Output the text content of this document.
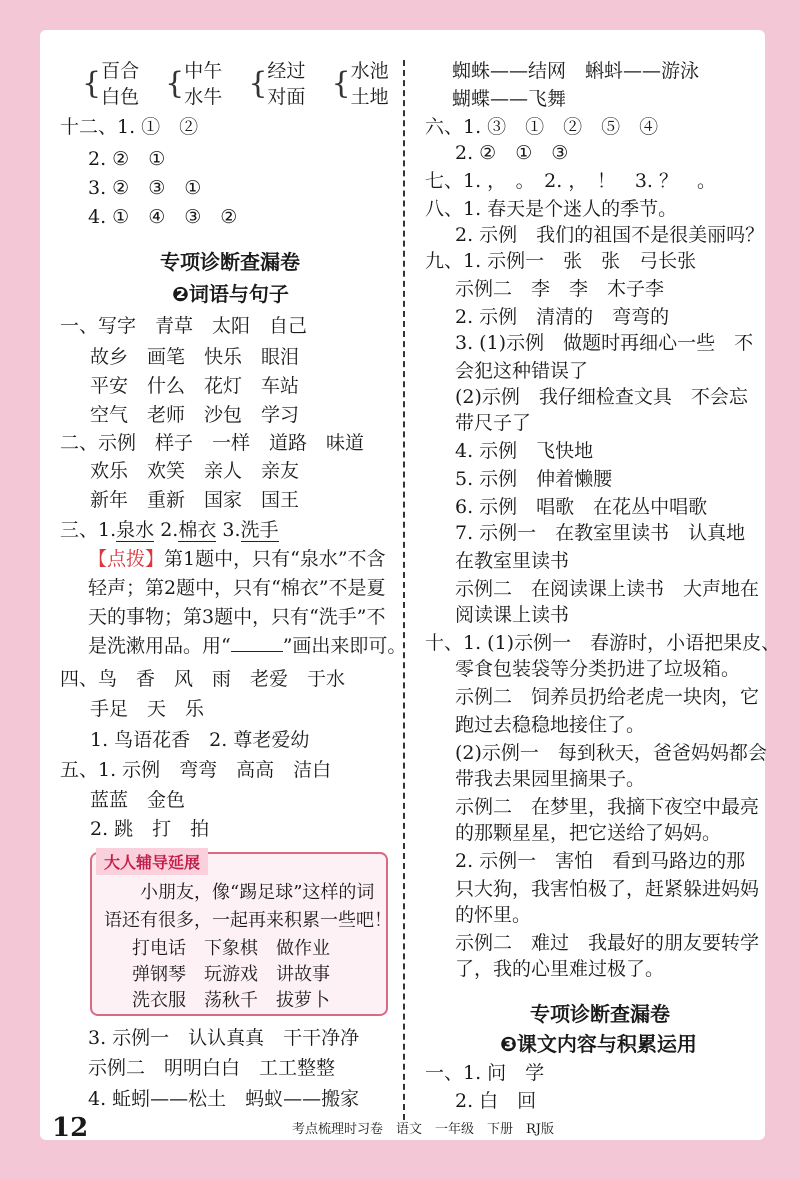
{ 百合
白色 { 中午
水牛 { 经过
对面 { 水池
土地
十二、1. ①　②
2. ②　①
3. ②　③　①
4. ①　④　③　②
专项诊断查漏卷
❷词语与句子
一、写字　青草　太阳　自己
故乡　画笔　快乐　眼泪
平安　什么　花灯　车站
空气　老师　沙包　学习
二、示例　样子　一样　道路　味道
欢乐　欢笑　亲人　亲友
新年　重新　国家　国王
三、1.泉水 2.棉衣 3.洗手
【点拨】第1题中，只有“泉水”不含
轻声；第2题中，只有“棉衣”不是夏
天的事物；第3题中，只有“洗手”不
是洗漱用品。用“	”画出来即可。
四、鸟　香　风　雨　老爱　于水
手足　天　乐
1. 鸟语花香　2. 尊老爱幼
五、1. 示例　弯弯　高高　洁白
蓝蓝　金色
2. 跳　打　拍
大人辅导延展
小朋友，像“踢足球”这样的词
语还有很多，一起再来积累一些吧！
打电话　下象棋　做作业
弹钢琴　玩游戏　讲故事
洗衣服　荡秋千　拔萝卜
3. 示例一　认认真真　干干净净
示例二　明明白白　工工整整
4. 蚯蚓——松土　蚂蚁——搬家
蜘蛛——结网　蝌蚪——游泳
蝴蝶——飞舞
六、1. ③　①　②　⑤　④
2. ②　①　③
七、1. ，　。　2. ，　！　3. ？　。
八、1. 春天是个迷人的季节。
2. 示例　我们的祖国不是很美丽吗？
九、1. 示例一　张　张　弓长张
示例二　李　李　木子李
2. 示例　清清的　弯弯的
3. (1)示例　做题时再细心一些　不
会犯这种错误了
(2)示例　我仔细检查文具　不会忘
带尺子了
4. 示例　飞快地
5. 示例　伸着懒腰
6. 示例　唱歌　在花丛中唱歌
7. 示例一　在教室里读书　认真地
在教室里读书
示例二　在阅读课上读书　大声地在
阅读课上读书
十、1. (1)示例一　春游时，小语把果皮、
零食包装袋等分类扔进了垃圾箱。
示例二　饲养员扔给老虎一块肉，它
跑过去稳稳地接住了。
(2)示例一　每到秋天，爸爸妈妈都会
带我去果园里摘果子。
示例二　在梦里，我摘下夜空中最亮
的那颗星星，把它送给了妈妈。
2. 示例一　害怕　看到马路边的那
只大狗，我害怕极了，赶紧躲进妈妈
的怀里。
示例二　难过　我最好的朋友要转学
了，我的心里难过极了。
专项诊断查漏卷
❸课文内容与积累运用
一、1. 问　学
2. 白　回
12	考点梳理时习卷　语文　一年级　下册　RJ版
